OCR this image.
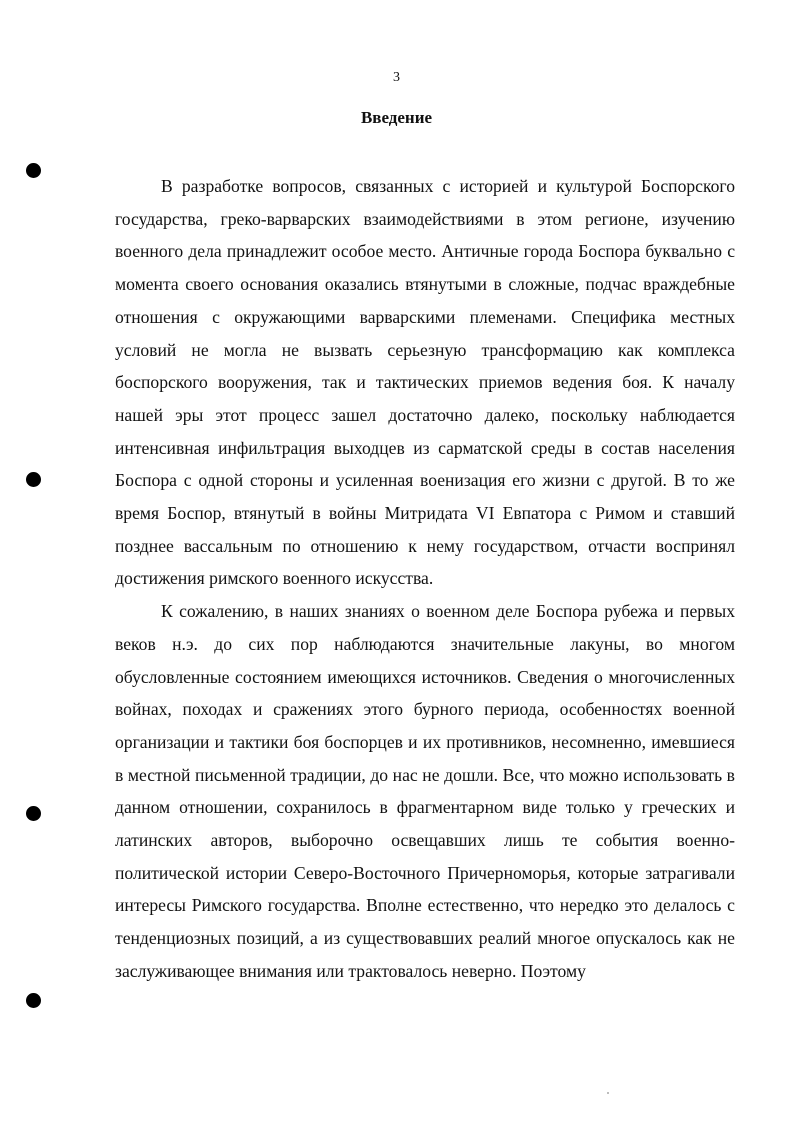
3
Введение

В разработке вопросов, связанных с историей и культурой Боспорского государства, греко-варварских взаимодействиями в этом регионе, изучению военного дела принадлежит особое место. Античные города Боспора буквально с момента своего основания оказались втянутыми в сложные, подчас враждебные отношения с окружающими варварскими племенами. Специфика местных условий не могла не вызвать серьезную трансформацию как комплекса боспорского вооружения, так и тактических приемов ведения боя. К началу нашей эры этот процесс зашел достаточно далеко, поскольку наблюдается интенсивная инфильтрация выходцев из сарматской среды в состав населения Боспора с одной стороны и усиленная военизация его жизни с другой. В то же время Боспор, втянутый в войны Митридата VI Евпатора с Римом и ставший позднее вассальным по отношению к нему государством, отчасти воспринял достижения римского военного искусства.

К сожалению, в наших знаниях о военном деле Боспора рубежа и первых веков н.э. до сих пор наблюдаются значительные лакуны, во многом обусловленные состоянием имеющихся источников. Сведения о многочисленных войнах, походах и сражениях этого бурного периода, особенностях военной организации и тактики боя боспорцев и их противников, несомненно, имевшиеся в местной письменной традиции, до нас не дошли. Все, что можно использовать в данном отношении, сохранилось в фрагментарном виде только у греческих и латинских авторов, выборочно освещавших лишь те события военно-политической истории Северо-Восточного Причерноморья, которые затрагивали интересы Римского государства. Вполне естественно, что нередко это делалось с тенденциозных позиций, а из существовавших реалий многое опускалось как не заслуживающее внимания или трактовалось неверно. Поэтому
